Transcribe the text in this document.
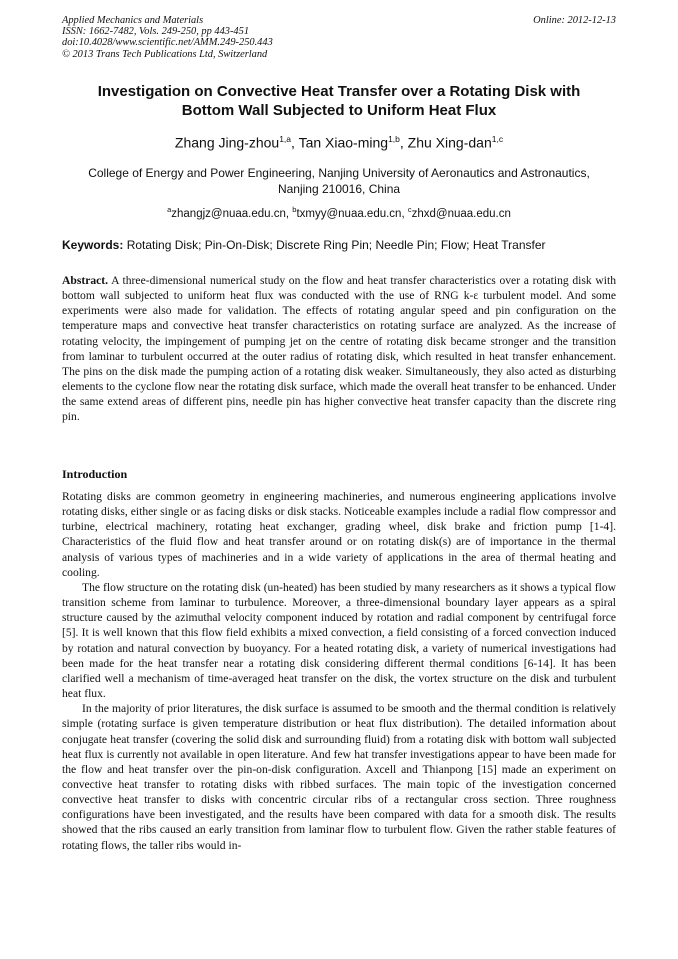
Applied Mechanics and Materials
ISSN: 1662-7482, Vols. 249-250, pp 443-451
doi:10.4028/www.scientific.net/AMM.249-250.443
© 2013 Trans Tech Publications Ltd, Switzerland
Online: 2012-12-13
Investigation on Convective Heat Transfer over a Rotating Disk with
Bottom Wall Subjected to Uniform Heat Flux
Zhang Jing-zhou$^{1,a}$, Tan Xiao-ming$^{1,b}$, Zhu Xing-dan$^{1,c}$
College of Energy and Power Engineering, Nanjing University of Aeronautics and Astronautics,
Nanjing 210016, China
$^a$zhangjz@nuaa.edu.cn, $^b$txmyy@nuaa.edu.cn, $^c$zhxd@nuaa.edu.cn
Keywords: Rotating Disk; Pin-On-Disk; Discrete Ring Pin; Needle Pin; Flow; Heat Transfer
Abstract. A three-dimensional numerical study on the flow and heat transfer characteristics over a rotating disk with bottom wall subjected to uniform heat flux was conducted with the use of RNG k-ε turbulent model. And some experiments were also made for validation. The effects of rotating angular speed and pin configuration on the temperature maps and convective heat transfer characteristics on rotating surface are analyzed. As the increase of rotating velocity, the impingement of pumping jet on the centre of rotating disk became stronger and the transition from laminar to turbulent occurred at the outer radius of rotating disk, which resulted in heat transfer enhancement. The pins on the disk made the pumping action of a rotating disk weaker. Simultaneously, they also acted as disturbing elements to the cyclone flow near the rotating disk surface, which made the overall heat transfer to be enhanced. Under the same extend areas of different pins, needle pin has higher convective heat transfer capacity than the discrete ring pin.
Introduction

Rotating disks are common geometry in engineering machineries, and numerous engineering applications involve rotating disks, either single or as facing disks or disk stacks. Noticeable examples include a radial flow compressor and turbine, electrical machinery, rotating heat exchanger, grading wheel, disk brake and friction pump [1-4]. Characteristics of the fluid flow and heat transfer around or on rotating disk(s) are of importance in the thermal analysis of various types of machineries and in a wide variety of applications in the area of thermal heating and cooling.

The flow structure on the rotating disk (un-heated) has been studied by many researchers as it shows a typical flow transition scheme from laminar to turbulence. Moreover, a three-dimensional boundary layer appears as a spiral structure caused by the azimuthal velocity component induced by rotation and radial component by centrifugal force [5]. It is well known that this flow field exhibits a mixed convection, a field consisting of a forced convection induced by rotation and natural convection by buoyancy. For a heated rotating disk, a variety of numerical investigations had been made for the heat transfer near a rotating disk considering different thermal conditions [6-14]. It has been clarified well a mechanism of time-averaged heat transfer on the disk, the vortex structure on the disk and turbulent heat flux.

In the majority of prior literatures, the disk surface is assumed to be smooth and the thermal condition is relatively simple (rotating surface is given temperature distribution or heat flux distribution). The detailed information about conjugate heat transfer (covering the solid disk and surrounding fluid) from a rotating disk with bottom wall subjected heat flux is currently not available in open literature. And few hat transfer investigations appear to have been made for the flow and heat transfer over the pin-on-disk configuration. Axcell and Thianpong [15] made an experiment on convective heat transfer to rotating disks with ribbed surfaces. The main topic of the investigation concerned convective heat transfer to disks with concentric circular ribs of a rectangular cross section. Three roughness configurations have been investigated, and the results have been compared with data for a smooth disk. The results showed that the ribs caused an early transition from laminar flow to turbulent flow. Given the rather stable features of rotating flows, the taller ribs would in-
